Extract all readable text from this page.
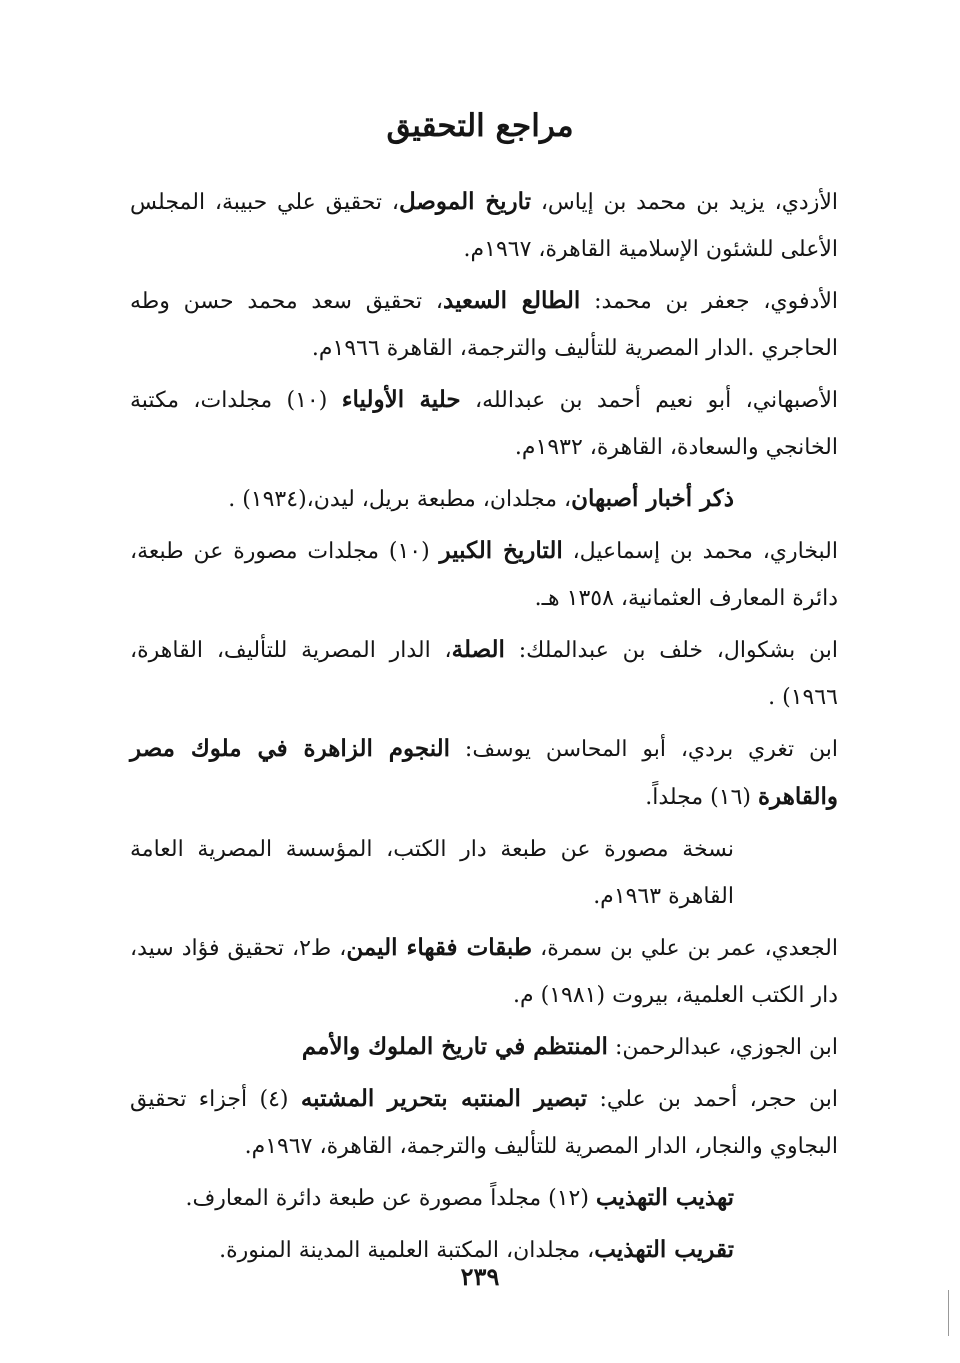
مراجع التحقيق

الأزدي، يزيد بن محمد بن إياس، تاريخ الموصل، تحقيق علي حبيبة، المجلس الأعلى للشئون الإسلامية القاهرة، ١٩٦٧م.

الأدفوي، جعفر بن محمد: الطالع السعيد، تحقيق سعد محمد حسن وطه الحاجري .الدار المصرية للتأليف والترجمة، القاهرة ١٩٦٦م.

الأصبهاني، أبو نعيم أحمد بن عبدالله، حلية الأولياء (١٠) مجلدات، مكتبة الخانجي والسعادة، القاهرة، ١٩٣٢م.

ذكر أخبار أصبهان، مجلدان، مطبعة بريل، ليدن،(١٩٣٤) .

البخاري، محمد بن إسماعيل، التاريخ الكبير (١٠) مجلدات مصورة عن طبعة، دائرة المعارف العثمانية، ١٣٥٨ هـ.

ابن بشكوال، خلف بن عبدالملك: الصلة، الدار المصرية للتأليف، القاهرة، ١٩٦٦) .

ابن تغري بردي، أبو المحاسن يوسف: النجوم الزاهرة في ملوك مصر والقاهرة (١٦) مجلداً.

نسخة مصورة عن طبعة دار الكتب، المؤسسة المصرية العامة القاهرة ١٩٦٣م.

الجعدي، عمر بن علي بن سمرة، طبقات فقهاء اليمن، ط٢، تحقيق فؤاد سيد، دار الكتب العلمية، بيروت (١٩٨١) م.

ابن الجوزي، عبدالرحمن: المنتظم في تاريخ الملوك والأمم

ابن حجر، أحمد بن علي: تبصير المنتبه بتحرير المشتبه (٤) أجزاء تحقيق البجاوي والنجار، الدار المصرية للتأليف والترجمة، القاهرة، ١٩٦٧م.

تهذيب التهذيب (١٢) مجلداً مصورة عن طبعة دائرة المعارف.

تقريب التهذيب، مجلدان، المكتبة العلمية المدينة المنورة.

٢٣٩
